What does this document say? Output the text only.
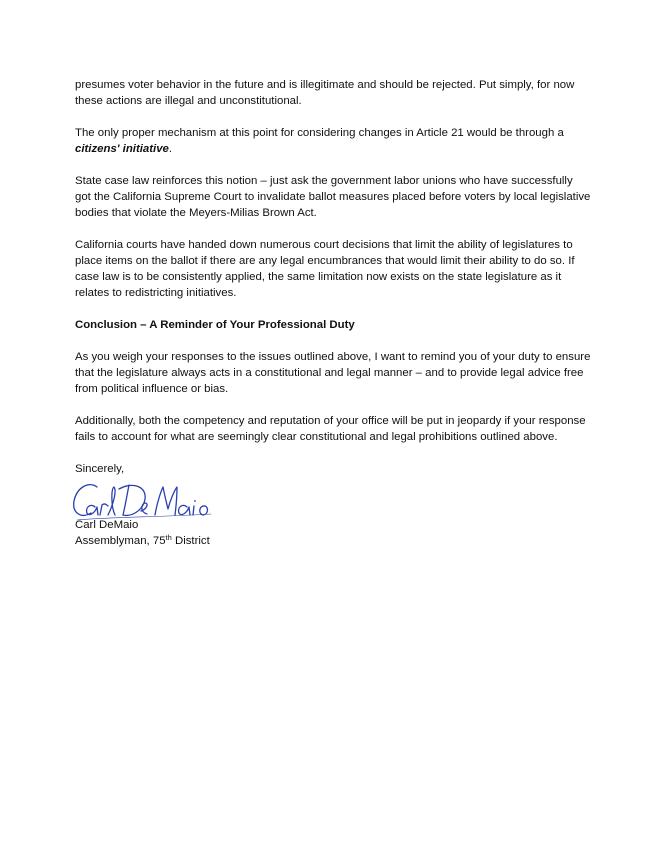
presumes voter behavior in the future and is illegitimate and should be rejected. Put simply, for now these actions are illegal and unconstitutional.

The only proper mechanism at this point for considering changes in Article 21 would be through a citizens' initiative.

State case law reinforces this notion – just ask the government labor unions who have successfully got the California Supreme Court to invalidate ballot measures placed before voters by local legislative bodies that violate the Meyers-Milias Brown Act.

California courts have handed down numerous court decisions that limit the ability of legislatures to place items on the ballot if there are any legal encumbrances that would limit their ability to do so. If case law is to be consistently applied, the same limitation now exists on the state legislature as it relates to redistricting initiatives.

Conclusion – A Reminder of Your Professional Duty

As you weigh your responses to the issues outlined above, I want to remind you of your duty to ensure that the legislature always acts in a constitutional and legal manner – and to provide legal advice free from political influence or bias.

Additionally, both the competency and reputation of your office will be put in jeopardy if your response fails to account for what are seemingly clear constitutional and legal prohibitions outlined above.

Sincerely,

Carl DeMaio

Assemblyman, 75th District
